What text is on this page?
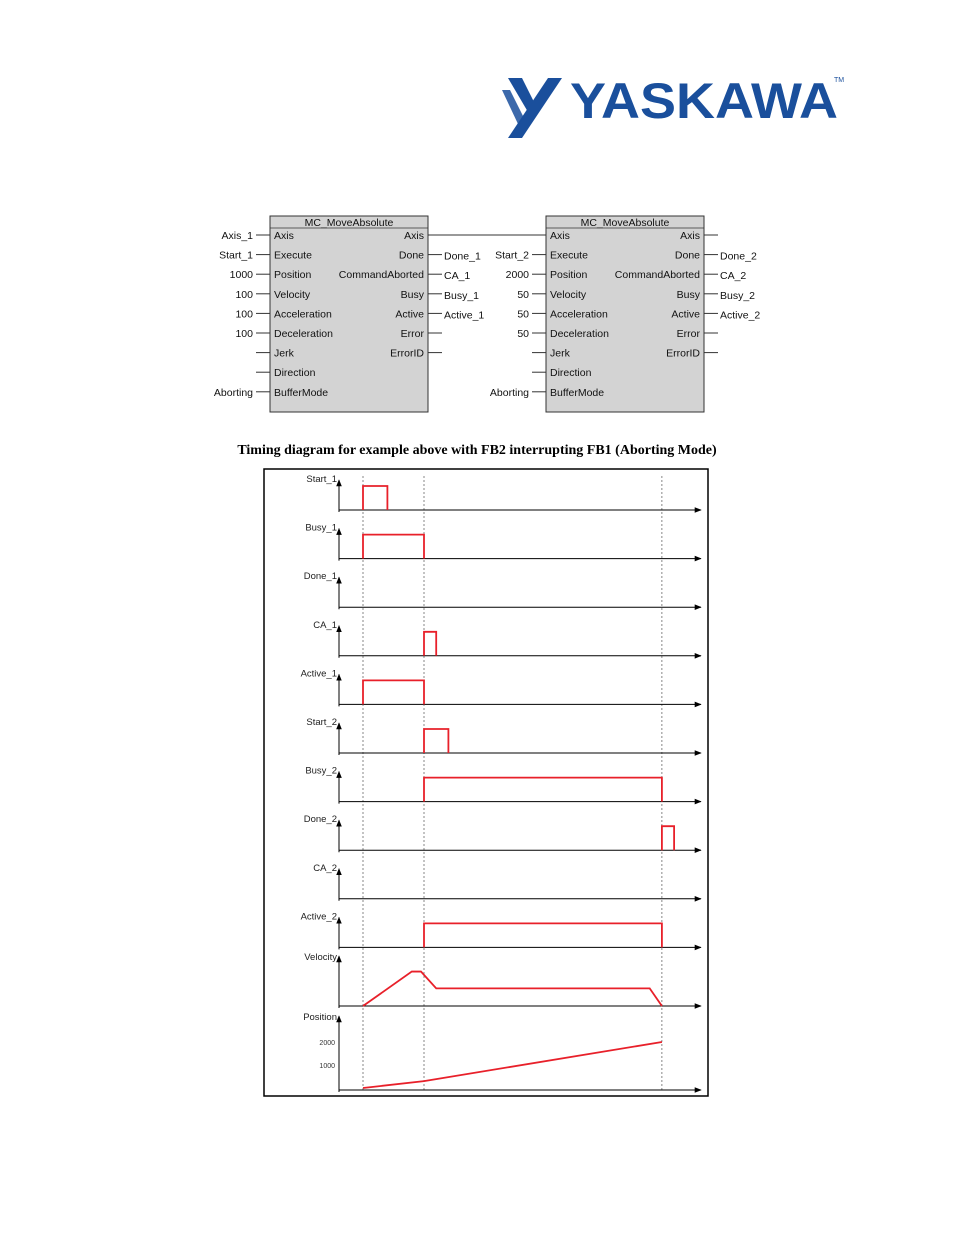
YASKAWA
TM
MC_MoveAbsolute
Axis
Axis_1
Execute
Start_1
Position
1000
Velocity
100
Acceleration
100
Deceleration
100
Jerk
Direction
BufferMode
Aborting
Axis
Done Done_1
CommandAborted CA_1
Busy Busy_1
Active Active_1
Error
ErrorID
MC_MoveAbsolute
Axis
Execute
Start_2
Position
2000
Velocity
50
Acceleration
50
Deceleration
50
Jerk
Direction
BufferMode
Aborting
Axis
Done Done_2
CommandAborted CA_2
Busy Busy_2
Active Active_2
Error
ErrorID
Timing diagram for example above with FB2 interrupting FB1 (Aborting Mode)
Start_1
Busy_1
Done_1
CA_1
Active_1
Start_2
Busy_2
Done_2
CA_2
Active_2
Velocity
Position
2000
1000
